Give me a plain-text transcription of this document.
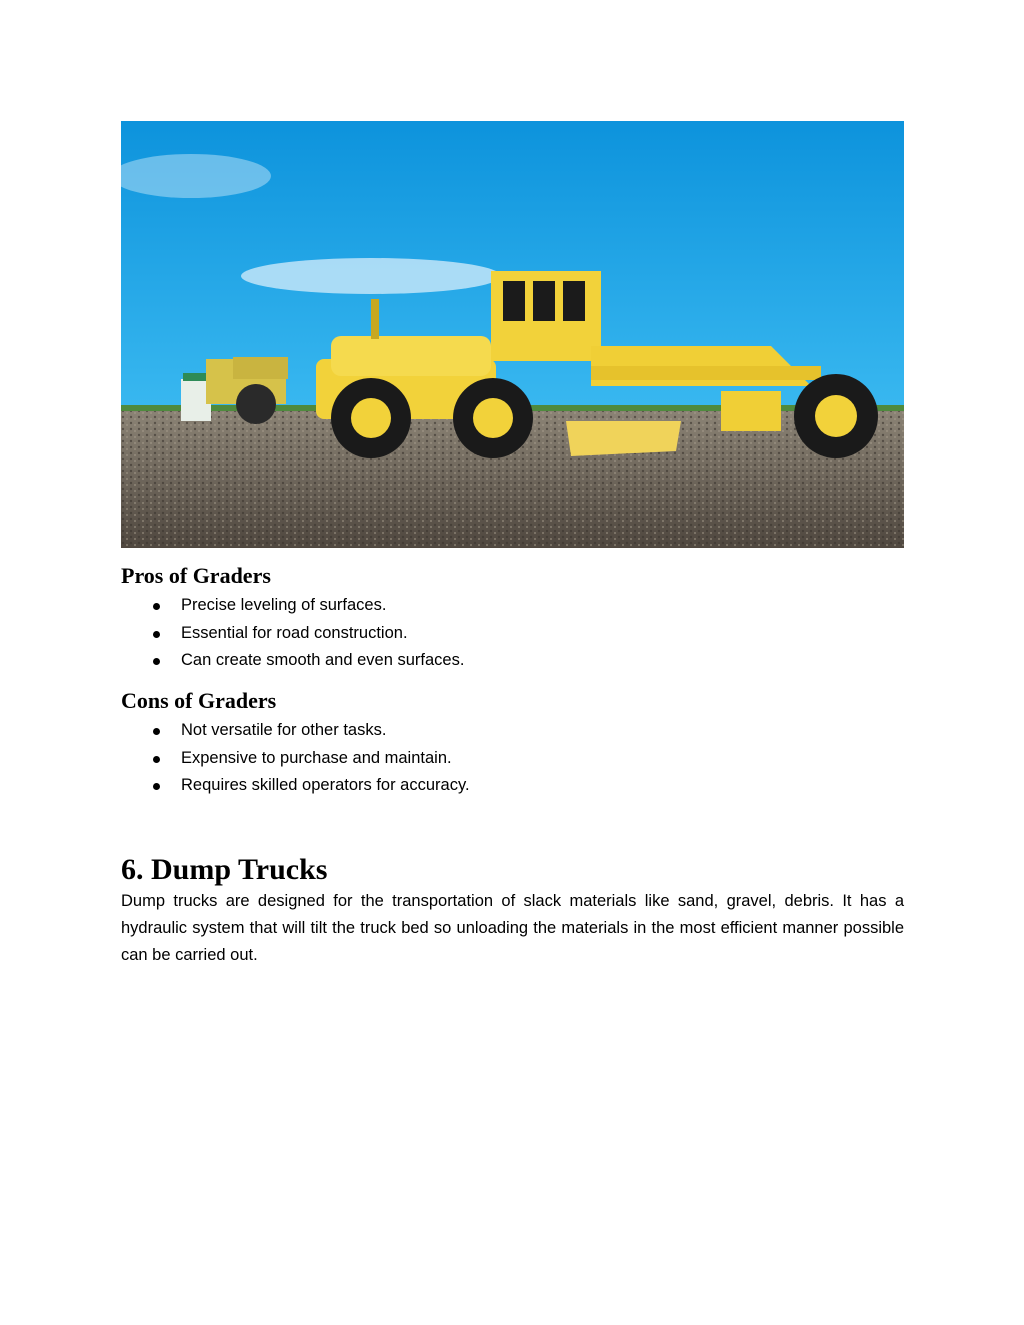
Pros of Graders
Precise leveling of surfaces.
Essential for road construction.
Can create smooth and even surfaces.
Cons of Graders
Not versatile for other tasks.
Expensive to purchase and maintain.
Requires skilled operators for accuracy.
6. Dump Trucks

Dump trucks are designed for the transportation of slack materials like sand, gravel, debris. It has a hydraulic system that will tilt the truck bed so unloading the materials in the most efficient manner possible can be carried out.
